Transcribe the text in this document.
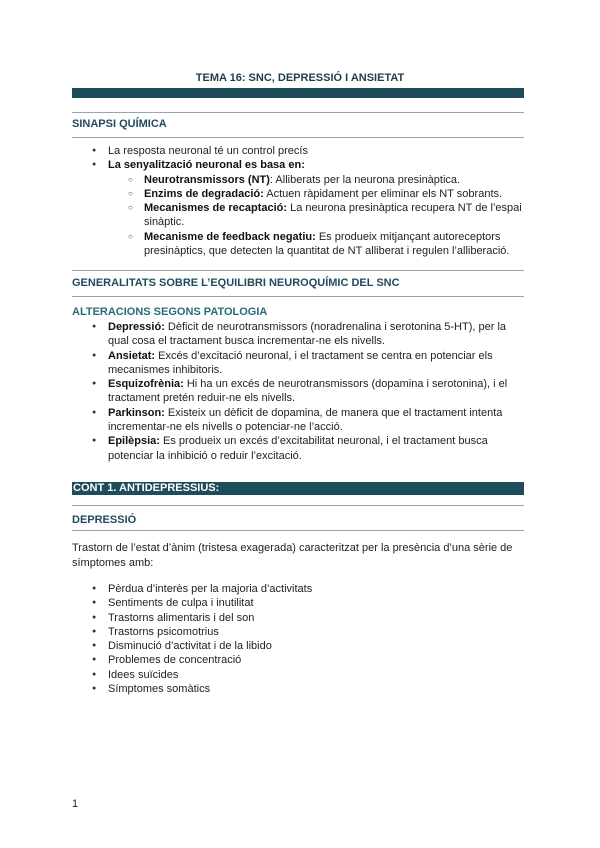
TEMA 16: SNC, DEPRESSIÓ I ANSIETAT
SINAPSI QUÍMICA
● La resposta neuronal té un control precís
● La senyalització neuronal es basa en:
○ Neurotransmissors (NT): Alliberats per la neurona presinàptica.
○ Enzims de degradació: Actuen ràpidament per eliminar els NT sobrants.
○ Mecanismes de recaptació: La neurona presinàptica recupera NT de l’espai sinàptic.
○ Mecanisme de feedback negatiu: Es produeix mitjançant autoreceptors presinàptics, que detecten la quantitat de NT alliberat i regulen l’alliberació.
GENERALITATS SOBRE L’EQUILIBRI NEUROQUÍMIC DEL SNC
ALTERACIONS SEGONS PATOLOGIA
● Depressió: Dèficit de neurotransmissors (noradrenalina i serotonina 5-HT), per la qual cosa el tractament busca incrementar-ne els nivells.
● Ansietat: Excés d’excitació neuronal, i el tractament se centra en potenciar els mecanismes inhibitoris.
● Esquizofrènia: Hi ha un excés de neurotransmissors (dopamina i serotonina), i el tractament pretén reduir-ne els nivells.
● Parkinson: Existeix un dèficit de dopamina, de manera que el tractament intenta incrementar-ne els nivells o potenciar-ne l’acció.
● Epilèpsia: Es produeix un excés d’excitabilitat neuronal, i el tractament busca potenciar la inhibició o reduir l’excitació.
CONT 1. ANTIDEPRESSIUS:
DEPRESSIÓ
Trastorn de l’estat d’ànim (tristesa exagerada) caracteritzat per la presència d’una sèrie de símptomes amb:
● Pèrdua d’interès per la majoria d’activitats
● Sentiments de culpa i inutilitat
● Trastorns alimentaris i del son
● Trastorns psicomotrius
● Disminució d’activitat i de la libido
● Problemes de concentració
● Idees suïcides
● Símptomes somàtics
1
